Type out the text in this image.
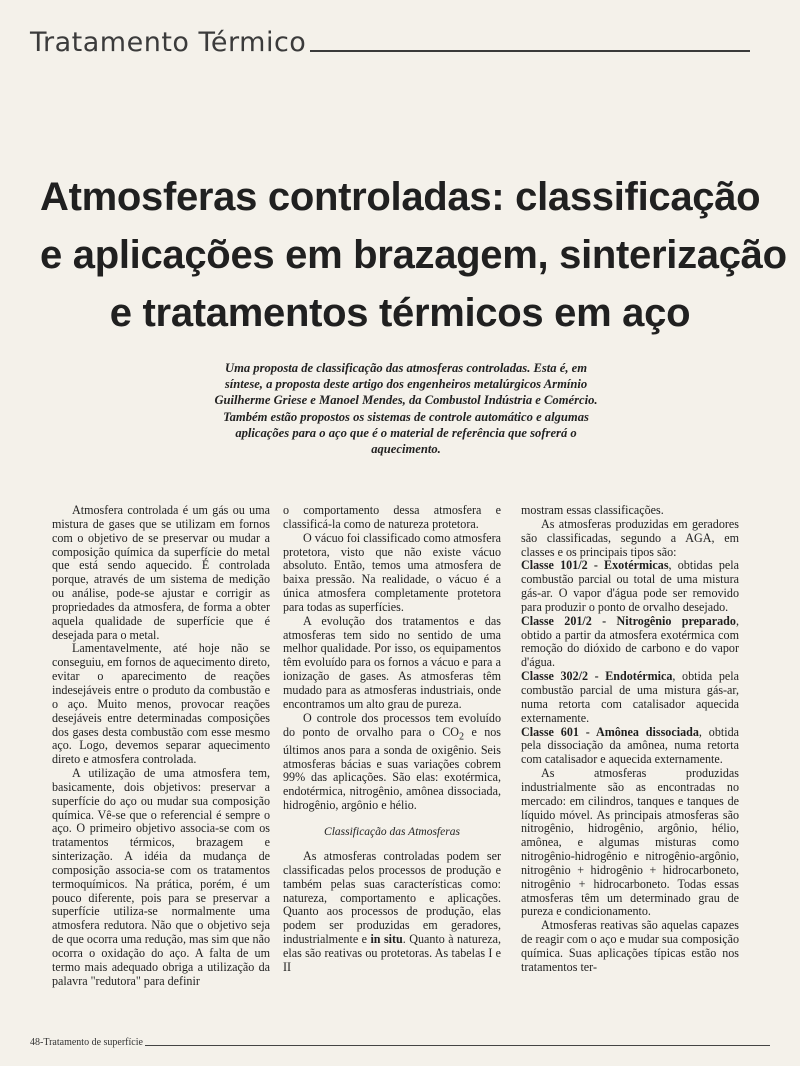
Tratamento Térmico
Atmosferas controladas: classificação
e aplicações em brazagem, sinterização
e tratamentos térmicos em aço

Uma proposta de classificação das atmosferas controladas. Esta é, em
síntese, a proposta deste artigo dos engenheiros metalúrgicos Armínio
Guilherme Griese e Manoel Mendes, da Combustol Indústria e Comércio.
Também estão propostos os sistemas de controle automático e algumas
aplicações para o aço que é o material de referência que sofrerá o
aquecimento.

Atmosfera controlada é um gás ou uma mistura de gases que se utilizam em fornos com o objetivo de se preservar ou mudar a composição química da superfície do metal que está sendo aquecido. É controlada porque, através de um sistema de medição ou análise, pode-se ajustar e corrigir as propriedades da atmosfera, de forma a obter aquela qualidade de superfície que é desejada para o metal.

Lamentavelmente, até hoje não se conseguiu, em fornos de aquecimento direto, evitar o aparecimento de reações indesejáveis entre o produto da combustão e o aço. Muito menos, provocar reações desejáveis entre determinadas composições dos gases desta combustão com esse mesmo aço. Logo, devemos separar aquecimento direto e atmosfera controlada.

A utilização de uma atmosfera tem, basicamente, dois objetivos: preservar a superfície do aço ou mudar sua composição química. Vê-se que o referencial é sempre o aço. O primeiro objetivo associa-se com os tratamentos térmicos, brazagem e sinterização. A idéia da mudança de composição associa-se com os tratamentos termoquímicos. Na prática, porém, é um pouco diferente, pois para se preservar a superfície utiliza-se normalmente uma atmosfera redutora. Não que o objetivo seja de que ocorra uma redução, mas sim que não ocorra o oxidação do aço. A falta de um termo mais adequado obriga a utilização da palavra "redutora" para definir

o comportamento dessa atmosfera e classificá-la como de natureza protetora.

O vácuo foi classificado como atmosfera protetora, visto que não existe vácuo absoluto. Então, temos uma atmosfera de baixa pressão. Na realidade, o vácuo é a única atmosfera completamente protetora para todas as superfícies.

A evolução dos tratamentos e das atmosferas tem sido no sentido de uma melhor qualidade. Por isso, os equipamentos têm evoluído para os fornos a vácuo e para a ionização de gases. As atmosferas têm mudado para as atmosferas industriais, onde encontramos um alto grau de pureza.

O controle dos processos tem evoluído do ponto de orvalho para o $CO_2$ e nos últimos anos para a sonda de oxigênio. Seis atmosferas bácias e suas variações cobrem 99% das aplicações. São elas: exotérmica, endotérmica, nitrogênio, amônea dissociada, hidrogênio, argônio e hélio.

Classificação das Atmosferas

As atmosferas controladas podem ser classificadas pelos processos de produção e também pelas suas características como: natureza, comportamento e aplicações. Quanto aos processos de produção, elas podem ser produzidas em geradores, industrialmente e in situ. Quanto à natureza, elas são reativas ou protetoras. As tabelas I e II

mostram essas classificações.

As atmosferas produzidas em geradores são classificadas, segundo a AGA, em classes e os principais tipos são:

Classe 101/2 - Exotérmicas, obtidas pela combustão parcial ou total de uma mistura gás-ar. O vapor d'água pode ser removido para produzir o ponto de orvalho desejado.

Classe 201/2 - Nitrogênio preparado, obtido a partir da atmosfera exotérmica com remoção do dióxido de carbono e do vapor d'água.

Classe 302/2 - Endotérmica, obtida pela combustão parcial de uma mistura gás-ar, numa retorta com catalisador aquecida externamente.

Classe 601 - Amônea dissociada, obtida pela dissociação da amônea, numa retorta com catalisador e aquecida externamente.

As atmosferas produzidas industrialmente são as encontradas no mercado: em cilindros, tanques e tanques de líquido móvel. As principais atmosferas são nitrogênio, hidrogênio, argônio, hélio, amônea, e algumas misturas como nitrogênio-hidrogênio e nitrogênio-argônio, nitrogênio + hidrogênio + hidrocarboneto, nitrogênio + hidrocarboneto. Todas essas atmosferas têm um determinado grau de pureza e condicionamento.

Atmosferas reativas são aquelas capazes de reagir com o aço e mudar sua composição química. Suas aplicações típicas estão nos tratamentos ter-

48-Tratamento de superfície
